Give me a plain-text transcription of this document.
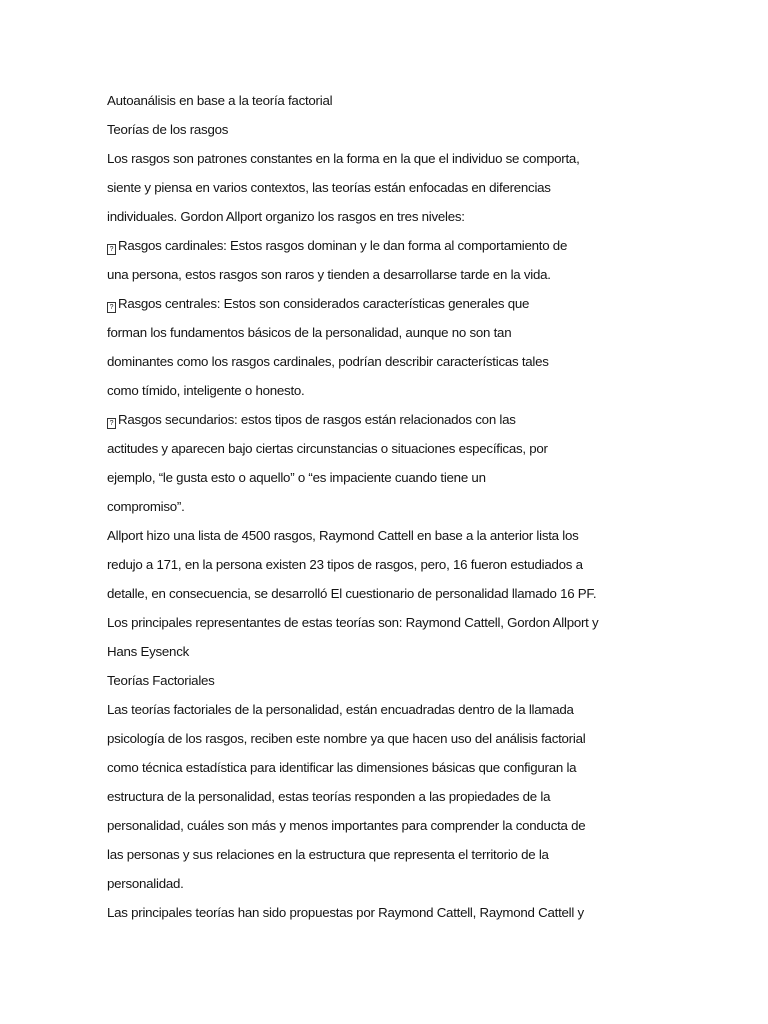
Autoanálisis en base a la teoría factorial
Teorías de los rasgos
Los rasgos son patrones constantes en la forma en la que el individuo se comporta,
siente y piensa en varios contextos, las teorías están enfocadas en diferencias
individuales. Gordon Allport organizo los rasgos en tres niveles:
? Rasgos cardinales: Estos rasgos dominan y le dan forma al comportamiento de
una persona, estos rasgos son raros y tienden a desarrollarse tarde en la vida.
? Rasgos centrales: Estos son considerados características generales que
forman los fundamentos básicos de la personalidad, aunque no son tan
dominantes como los rasgos cardinales, podrían describir características tales
como tímido, inteligente o honesto.
? Rasgos secundarios: estos tipos de rasgos están relacionados con las
actitudes y aparecen bajo ciertas circunstancias o situaciones específicas, por
ejemplo, “le gusta esto o aquello” o “es impaciente cuando tiene un
compromiso”.
Allport hizo una lista de 4500 rasgos, Raymond Cattell en base a la anterior lista los
redujo a 171, en la persona existen 23 tipos de rasgos, pero, 16 fueron estudiados a
detalle, en consecuencia, se desarrolló El cuestionario de personalidad llamado 16 PF.
Los principales representantes de estas teorías son: Raymond Cattell, Gordon Allport y
Hans Eysenck
Teorías Factoriales
Las teorías factoriales de la personalidad, están encuadradas dentro de la llamada
psicología de los rasgos, reciben este nombre ya que hacen uso del análisis factorial
como técnica estadística para identificar las dimensiones básicas que configuran la
estructura de la personalidad, estas teorías responden a las propiedades de la
personalidad, cuáles son más y menos importantes para comprender la conducta de
las personas y sus relaciones en la estructura que representa el territorio de la
personalidad.
Las principales teorías han sido propuestas por Raymond Cattell, Raymond Cattell y
